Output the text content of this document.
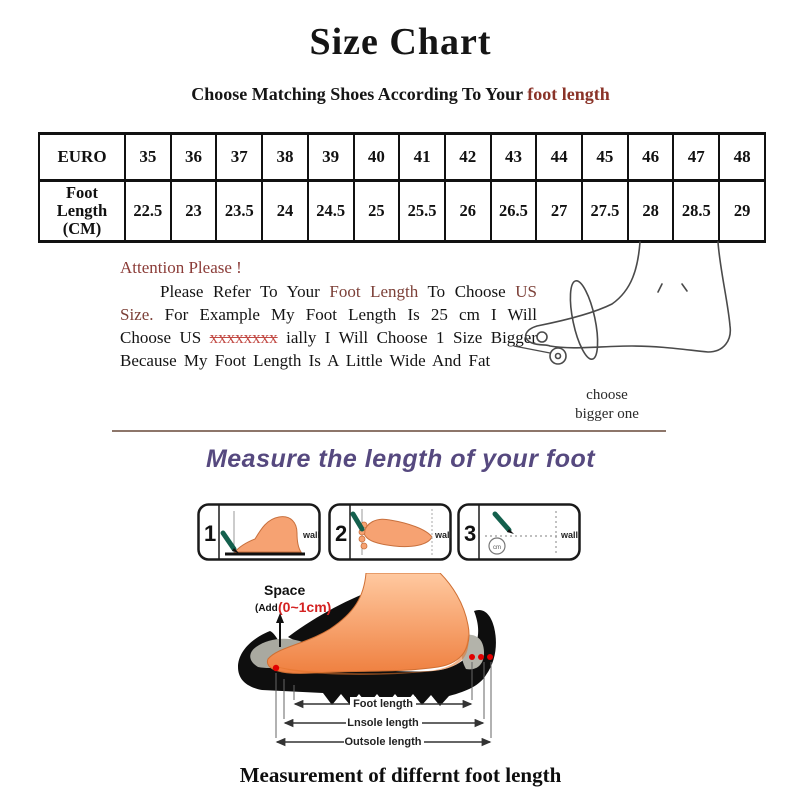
Size Chart
Choose Matching Shoes According To Your foot length
EURO	35	36	37	38	39	40	41	42	43	44	45	46	47	48
Foot Length (CM)	22.5	23	23.5	24	24.5	25	25.5	26	26.5	27	27.5	28	28.5	29
Attention Please !

Please Refer To Your Foot Length To Choose US Size. For Example My Foot Length Is 25 cm I Will Choose US xxxxxxxx ially I Will Choose 1 Size Bigger Because My Foot Length Is A Little Wide And Fat

choose
bigger one
Measure the length of your foot
1	wall 2	wall 3
cm
wall
Space
(Add (0~1cm)
Foot length
Lnsole length
Outsole length
Measurement of differnt foot length
